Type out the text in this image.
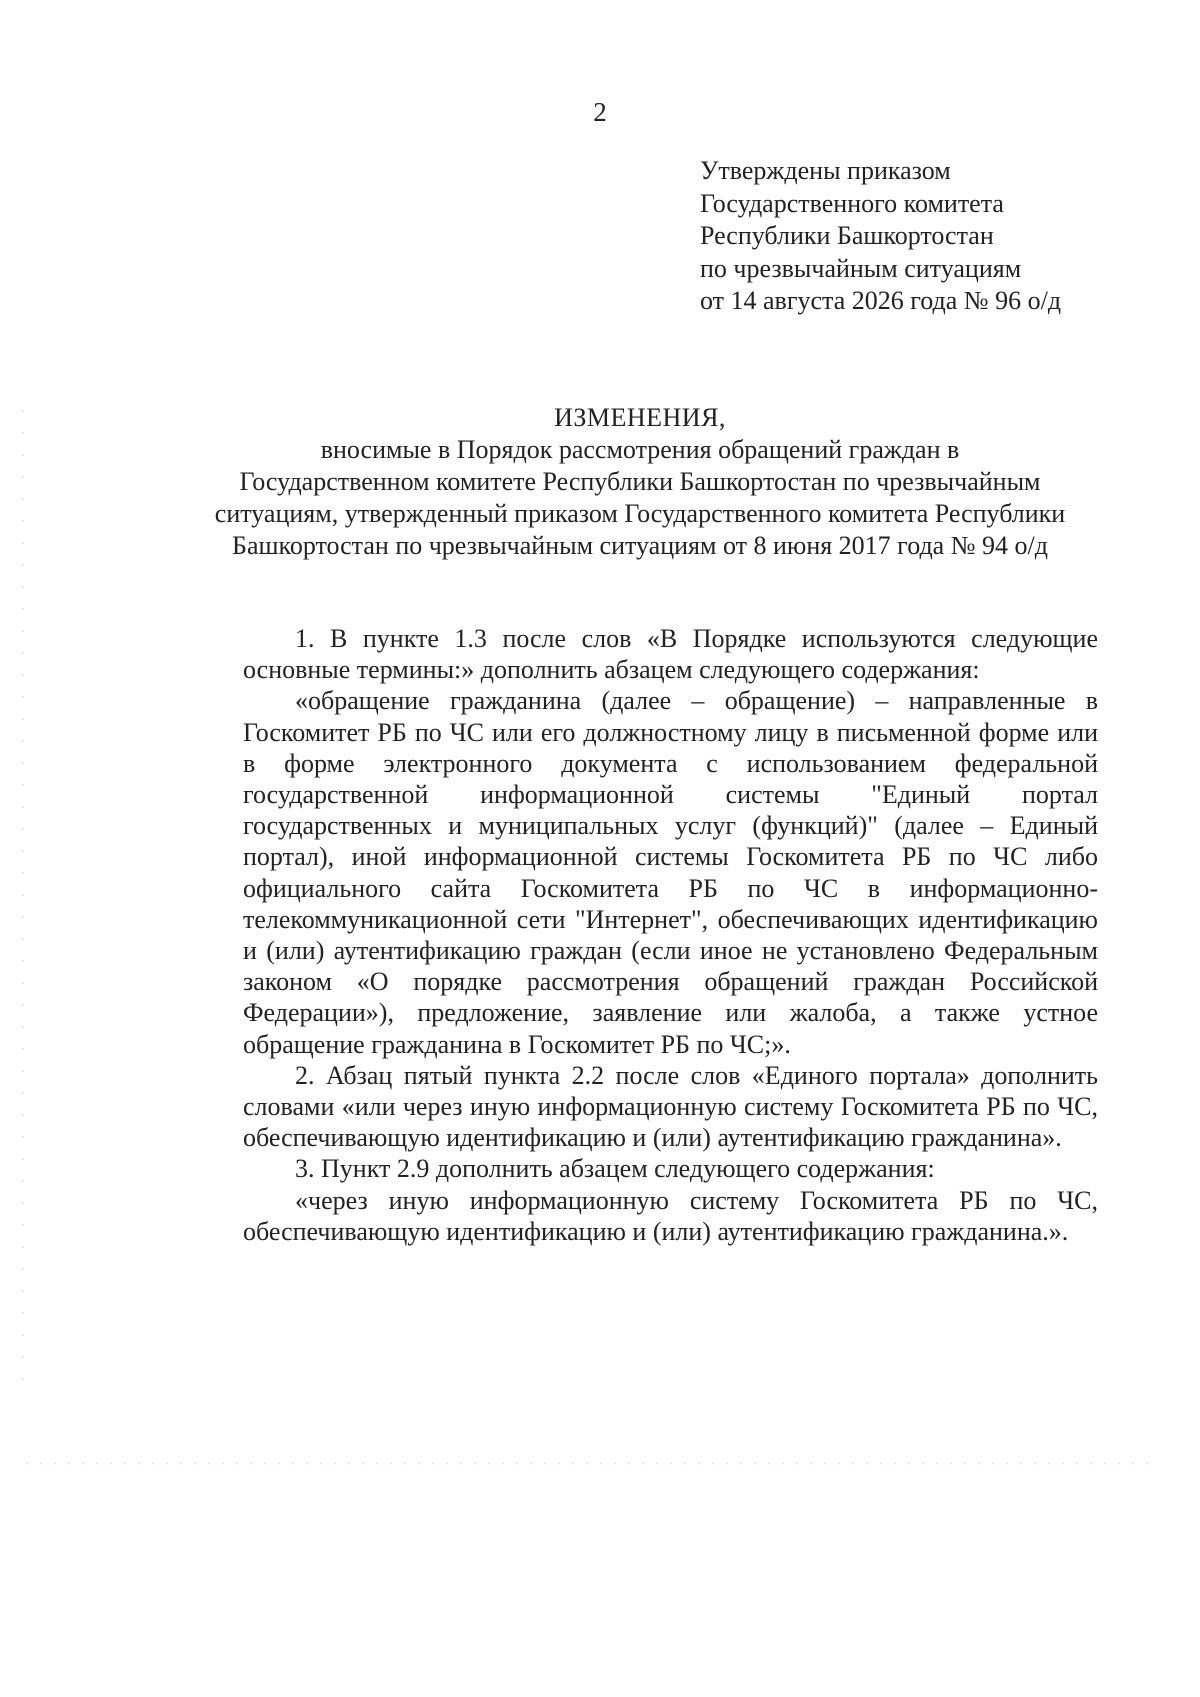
2
Утверждены приказом
Государственного комитета
Республики Башкортостан
по чрезвычайным ситуациям
от 14 августа 2026 года № 96 о/д
ИЗМЕНЕНИЯ,
вносимые в Порядок рассмотрения обращений граждан в
Государственном комитете Республики Башкортостан по чрезвычайным
ситуациям, утвержденный приказом Государственного комитета Республики
Башкортостан по чрезвычайным ситуациям от 8 июня 2017 года № 94 о/д

1. В пункте 1.3 после слов «В Порядке используются следующие основные термины:» дополнить абзацем следующего содержания:

«обращение гражданина (далее – обращение) – направленные в Госкомитет РБ по ЧС или его должностному лицу в письменной форме или в форме электронного документа с использованием федеральной государственной информационной системы "Единый портал государственных и муниципальных услуг (функций)" (далее – Единый портал), иной информационной системы Госкомитета РБ по ЧС либо официального сайта Госкомитета РБ по ЧС в информационно-телекоммуникационной сети "Интернет", обеспечивающих идентификацию и (или) аутентификацию граждан (если иное не установлено Федеральным законом «О порядке рассмотрения обращений граждан Российской Федерации»), предложение, заявление или жалоба, а также устное обращение гражданина в Госкомитет РБ по ЧС;».

2. Абзац пятый пункта 2.2 после слов «Единого портала» дополнить словами «или через иную информационную систему Госкомитета РБ по ЧС, обеспечивающую идентификацию и (или) аутентификацию гражданина».

3. Пункт 2.9 дополнить абзацем следующего содержания:

«через иную информационную систему Госкомитета РБ по ЧС, обеспечивающую идентификацию и (или) аутентификацию гражданина.».
